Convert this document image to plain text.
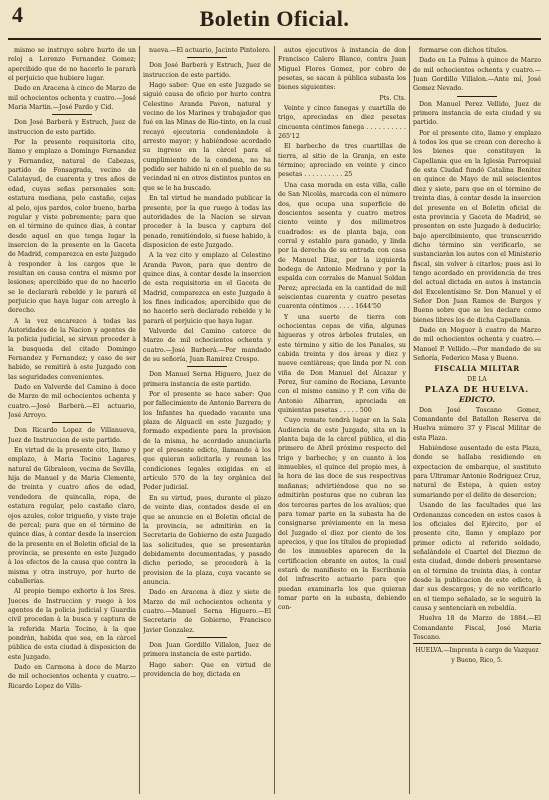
4	Boletin Oficial.

mismo se instruye sobre hurto de un reloj a Lorenzo Fernandez Gomez; apercibido que de no hacerlo le pararà el perjuicio que hubiere lugar.

Dado en Aracena à cinco de Marzo de mil ochocientos ochenta y cuatro.—José Maria Martin.—José Pardo y Cid.

Don José Barberà y Estruch, Juez de instruccion de este partido.

Por la presente requisitoria cito, llamo y emplazo a Domingo Fernandez y Fernandez, natural de Cabezas, partido de Fonsagrada, vecino de Calatayud, de cuarenta y tres años de edad, cuyas señas personales son: estatura mediana, pelo castaño, cejas al pelo, ojos pardos, color bueno, barba regular y viste pobremente; para que en el término de quince dias, à contar desde aquel en que tenga lugar la insercion de la presente en la Gaceta de Madrid, comparezca en este Juzgado à responder à los cargos que le resultan en causa contra el mismo por lesiones; apercibido que de no hacerlo se le declararà rebelde y le pararà el perjuicio que haya lugar con arreglo à derecho.

A la vez encarezco à todas las Autoridades de la Nacion y agentes de la policia judicial, se sirvan proceder à la busqueda del citado Domingo Fernandez y Fernandez; y caso de ser habido, se remitirà à este Juzgado con las seguridades convenientes.

Dado en Valverde del Camino à doce de Marzo de mil ochocientos ochenta y cuatro.—José Barberà.—El actuario, José Arroyo.

Don Ricardo Lopez de Villanueva, Juez de Instruccion de este partido.

En virtud de la presente cito, llamo y emplazo, à Maria Tocino Lagares, natural de Gibraleon, vecina de Sevilla, hija de Manuel y de Maria Clemente, de treinta y cuatro años de edad, vendedora de quincalla, ropa, de estatura regular, pelo castaño claro, ojos azules, color trigueño, y viste traje de percal; para que en el término de quince dias, à contar desde la insercion de la presente en el Boletin oficial de la provincia, se presente en este Juzgado à los efectos de la causa que contra la misma y otra instruyo, por hurto de caballerías.

Al propio tiempo exhorto à los Sres. Jueces de Instruccion y ruego à los agentes de la policia judicial y Guardia civil procedan à la busca y captura de la referida Maria Tocino, à la que pondràn, habida que sea, en la càrcel pública de esta ciudad à disposicion de este Juzgado.

Dado en Carmona à doce de Marzo de mil ochocientos ochenta y cuatro.—Ricardo Lopez de Villa-

nueva.—El actuario, Jacinto Pintolero.

Don José Barberà y Estruch, Juez de instruccion de este partido.

Hago saber: Que en este Juzgado se siguió causa de oficio por hurto contra Celestino Aranda Pavon, natural y vecino de los Marines y trabajador que fué en las Minas de Rio-tinto, en la cual recayó ejecutoria condenàndole à arresto mayor; y habiéndose acordado su ingreso en la càrcel para el cumplimiento de la condena, no ha podido ser habido ni en el pueblo de su vecindad ni en otros distintos puntos en que se le ha buscado.

En tal virtud he mandado publicar la presente, por la que ruego à todas las autoridades de la Nacion se sirvan proceder à la busca y captura del penado, remitiéndolo, si fuese habido, à disposicion de este Juzgado.

A la vez cito y emplazo al Celestino Aranda Pavon, para que dentro de quince dias, à contar desde la insercion de esta requisitoria en el Gaceta de Madrid, comparezca en este Juzgado à los fines indicados; apercibido que de no hacerlo serà declarado rebelde y le pararà el perjuicio que haya lugar.

Valverde del Camino catorce de Marzo de mil ochocientos ochenta y cuatro.—José Barberà.—Por mandado de su señoría, Juan Ramirez Crespo.

Don Manuel Serna Higuero, Juez de primera instancia de este partido.

Por el presente se hace saber: Que por fallecimiento de Antonio Barrera de los Infantes ha quedado vacante una plaza de Alguacil en este Juzgado; y formado expediente para la provision de la misma, he acordado anunciarla por el presente edicto, llamando à los que quieran solicitarla y reunan las condiciones legales exigidas en el artículo 570 de la ley orgànica del Poder judicial.

En su virtud, pues, durante el plazo de veinte dias, contados desde el en que se anuncie en el Boletin oficial de la provincia, se admitiràn en la Secretaria de Gobierno de este Juzgado las solicitudes, que se presentaràn debidamente documentadas, y pasado dicho periodo, se procederà à la provision de la plaza, cuya vacante se anuncia.

Dado en Aracena à diez y siete de Marzo de mil ochocientos ochenta y cuatro.—Manuel Serna Higuero.—El Secretario de Gobierno, Francisco Javier Gonzalez.

Don Juan Gordillo Villalon, Juez de primera instancia de este partido.

Hago saber: Que en virtud de providencia de hoy, dictada en

autos ejecutivos à instancia de don Francisco Calero Blanco, contra Juan Miguel Flores Gomez, por cobro de pesetas, se sacan à pública subasta los bienes siguientes:

Pts. Cts.

Veinte y cinco fanegas y cuartilla de trigo, apreciadas en diez pesetas cincuenta céntimos fanega . . . . . . . . . . 265'12

El barbecho de tres cuartillas de tierra, al sitio de la Granja, en este término; apreciado en veinte y cinco pesetas . . . . . . . . . . 25

Una casa morada en esta villa, calle de San Nicolàs, marcada con el número dos, que ocupa una superficie de doscientos sesenta y cuatro metros ciento veinte y dos milimetros cuadrados: es de planta baja, con corral y establo para ganado, y linda por la derecha de su entrada con casa de Manuel Diaz, por la izquierda bodega de Antonio Medrano y por la espalda con corrales de Manuel Soldan Perez; apreciada en la cantidad de mil seiscientas cuarenta y cuatro pesetas cuarenta céntimos . . . . 1644'50

Y una suerte de tierra con ochocientas cepas de viña, algunas higueras y otros àrboles frutales, en este término y sitio de los Panales, su cabida treinta y dos àreas y diez y nueve centiàreas; que linda por N. con viña de Don Manuel del Àlcazar y Perez, Sur camino de Rociana, Levante con el mismo camino y P. con viña de Antonio Albarran, apreciada en quinientas pesetas . . . . . 500

Cuyo remate tendrà lugar en la Sala Audiencia de este Juzgado, sita en la planta baja de la càrcel pública, el dia primero de Abril próximo respecto del trigo y barbecho; y en cuanto à los inmuebles, el quince del propio mes, à la hora de las doce de sus respectivas mañanas; advirtiéndose que no se admitiràn posturas que no cubran las dos terceras partes de los avalúos; que para tomar parte en la subasta ha de consignarse préviamente en la mesa del Juzgado el diez por ciento de los aprecios, y que los títulos de propiedad de los inmuebles aparecen de la certificacion obrante en autos, la cual estarà de manifiesto en la Escribanía del infrascrito actuario para que puedan examinarla los que quieran tomar parte en la subasta, debiendo con-

formarse con dichos títulos.

Dado en La Palma à quince de Marzo de mil ochocientos ochenta y cuatro.—Juan Gordillo Villalon.—Ante mí, José Gomez Nevado.

Don Manuel Perez Vellido, Juez de primera instancia de esta ciudad y su partido.

Por el presente cito, llamo y emplazo à todos los que se crean con derecho à los bienes que constituyen la Capellania que en la Iglesia Parroquial de esta Ciudad fundó Catalina Benitez en quince de Mayo de mil seiscientos diez y siete, para que en el término de treinta dias, à contar desde la insercion del presente en el Boletin oficial de esta provincia y Gaceta de Madrid, se presenten en este Juzgado à deducirlo; bajo apercibimiento, que transcurrido dicho término sin verificarlo, se sustanciaràn los autos con el Ministerio fiscal, sin volver à citarlos; pues asi lo tengo acordado en providencia de tres del actual dictada en autos à instancia del Excelentísimo Sr. Don Manuel y el Señor Don Juan Ramos de Burgos y Bueno sobre que se les declare como bienes libres los de dicha Capellania.

Dado en Moguer à cuatro de Marzo de mil ochocientos ochenta y cuatro.—Manuel P. Vellido.—Por mandado de su Señoría, Federico Masa y Bueno.

FISCALIA MILITAR

DE LA

PLAZA DE HUELVA.

EDICTO.

Don José Toscano Gomez, Comandante del Batallon Reserva de Huelva número 37 y Fiscal Militar de esta Plaza.

Habiéndose ausentado de esta Plaza, donde se hallaba residiendo en expectacion de embarque, el sustituto para Ultramar Antonio Rodriguez Cruz, natural de Estepa, à quien estoy sumariando por el delito de desercion;

Usando de las facultades que las Ordenanzas conceden en estos casos à los oficiales del Ejército, por el presente cito, llamo y emplazo por primer edicto al referido soldado, señalàndole el Cuartel del Diezmo de esta ciudad, donde deberà presentarse en el término de treinta dias, à contar desde la publicacion de este edicto, à dar sus descargos; y de no verificarlo en el tiempo señalado, se le seguirà la causa y sentenciarà en rebeldía.

Huelva 18 de Marzo de 1884.—El Comandante Fiscal, José Maria Toscano.

HUELVA.—Imprenta à cargo de Vazquez y Bueno, Rico, 5.
